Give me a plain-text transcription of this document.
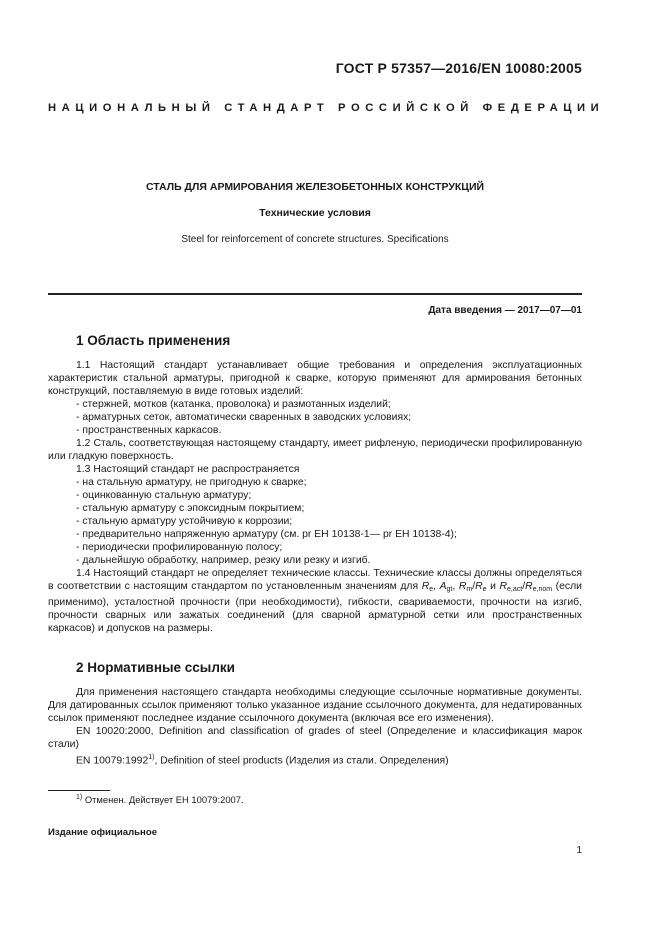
ГОСТ Р 57357—2016/EN 10080:2005
НАЦИОНАЛЬНЫЙ СТАНДАРТ РОССИЙСКОЙ ФЕДЕРАЦИИ
СТАЛЬ ДЛЯ АРМИРОВАНИЯ ЖЕЛЕЗОБЕТОННЫХ КОНСТРУКЦИЙ
Технические условия
Steel for reinforcement of concrete structures. Specifications
Дата введения — 2017—07—01
1 Область применения

1.1 Настоящий стандарт устанавливает общие требования и определения эксплуатационных характеристик стальной арматуры, пригодной к сварке, которую применяют для армирования бетонных конструкций, поставляемую в виде готовых изделий:

- стержней, мотков (катанка, проволока) и размотанных изделий;

- арматурных сеток, автоматически сваренных в заводских условиях;

- пространственных каркасов.

1.2 Сталь, соответствующая настоящему стандарту, имеет рифленую, периодически профилированную или гладкую поверхность.

1.3 Настоящий стандарт не распространяется

- на стальную арматуру, не пригодную к сварке;

- оцинкованную стальную арматуру;

- стальную арматуру с эпоксидным покрытием;

- стальную арматуру устойчивую к коррозии;

- предварительно напряженную арматуру (см. pr ЕН 10138-1— pr ЕН 10138-4);

- периодически профилированную полосу;

- дальнейшую обработку, например, резку или резку и изгиб.

1.4 Настоящий стандарт не определяет технические классы. Технические классы должны определяться в соответствии с настоящим стандартом по установленным значениям для $R_e$, $A_{gt}$, $R_m/R_e$ и $R_{e,act}/R_{e,nom}$ (если применимо), усталостной прочности (при необходимости), гибкости, свариваемости, прочности на изгиб, прочности сварных или зажатых соединений (для сварной арматурной сетки или пространственных каркасов) и допусков на размеры.

2 Нормативные ссылки

Для применения настоящего стандарта необходимы следующие ссылочные нормативные документы. Для датированных ссылок применяют только указанное издание ссылочного документа, для недатированных ссылок применяют последнее издание ссылочного документа (включая все его изменения).

EN 10020:2000, Definition and classification of grades of steel (Определение и классификация марок стали)

EN 10079:1992$^{1)}$, Definition of steel products (Изделия из стали. Определения)

$^{1)}$ Отменен. Действует ЕН 10079:2007.
Издание официальное
1
